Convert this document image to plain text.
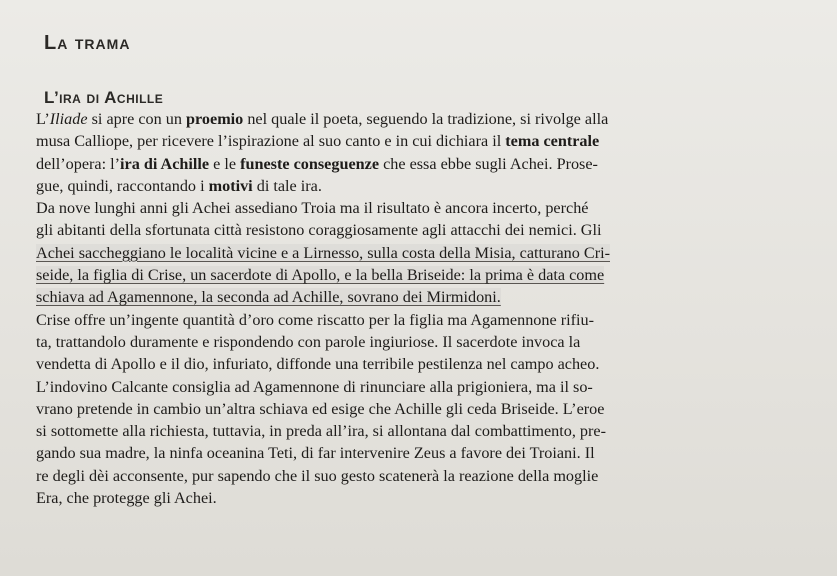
La trama
L’ira di Achille
L’Iliade si apre con un proemio nel quale il poeta, seguendo la tradizione, si rivolge alla
musa Calliope, per ricevere l’ispirazione al suo canto e in cui dichiara il tema centrale
dell’opera: l’ira di Achille e le funeste conseguenze che essa ebbe sugli Achei. Prose-
gue, quindi, raccontando i motivi di tale ira.
Da nove lunghi anni gli Achei assediano Troia ma il risultato è ancora incerto, perché
gli abitanti della sfortunata città resistono coraggiosamente agli attacchi dei nemici. Gli
Achei saccheggiano le località vicine e a Lirnesso, sulla costa della Misia, catturano Cri-
seide, la figlia di Crise, un sacerdote di Apollo, e la bella Briseide: la prima è data come
schiava ad Agamennone, la seconda ad Achille, sovrano dei Mirmidoni.
Crise offre un’ingente quantità d’oro come riscatto per la figlia ma Agamennone rifiu-
ta, trattandolo duramente e rispondendo con parole ingiuriose. Il sacerdote invoca la
vendetta di Apollo e il dio, infuriato, diffonde una terribile pestilenza nel campo acheo.
L’indovino Calcante consiglia ad Agamennone di rinunciare alla prigioniera, ma il so-
vrano pretende in cambio un’altra schiava ed esige che Achille gli ceda Briseide. L’eroe
si sottomette alla richiesta, tuttavia, in preda all’ira, si allontana dal combattimento, pre-
gando sua madre, la ninfa oceanina Teti, di far intervenire Zeus a favore dei Troiani. Il
re degli dèi acconsente, pur sapendo che il suo gesto scatenerà la reazione della moglie
Era, che protegge gli Achei.
